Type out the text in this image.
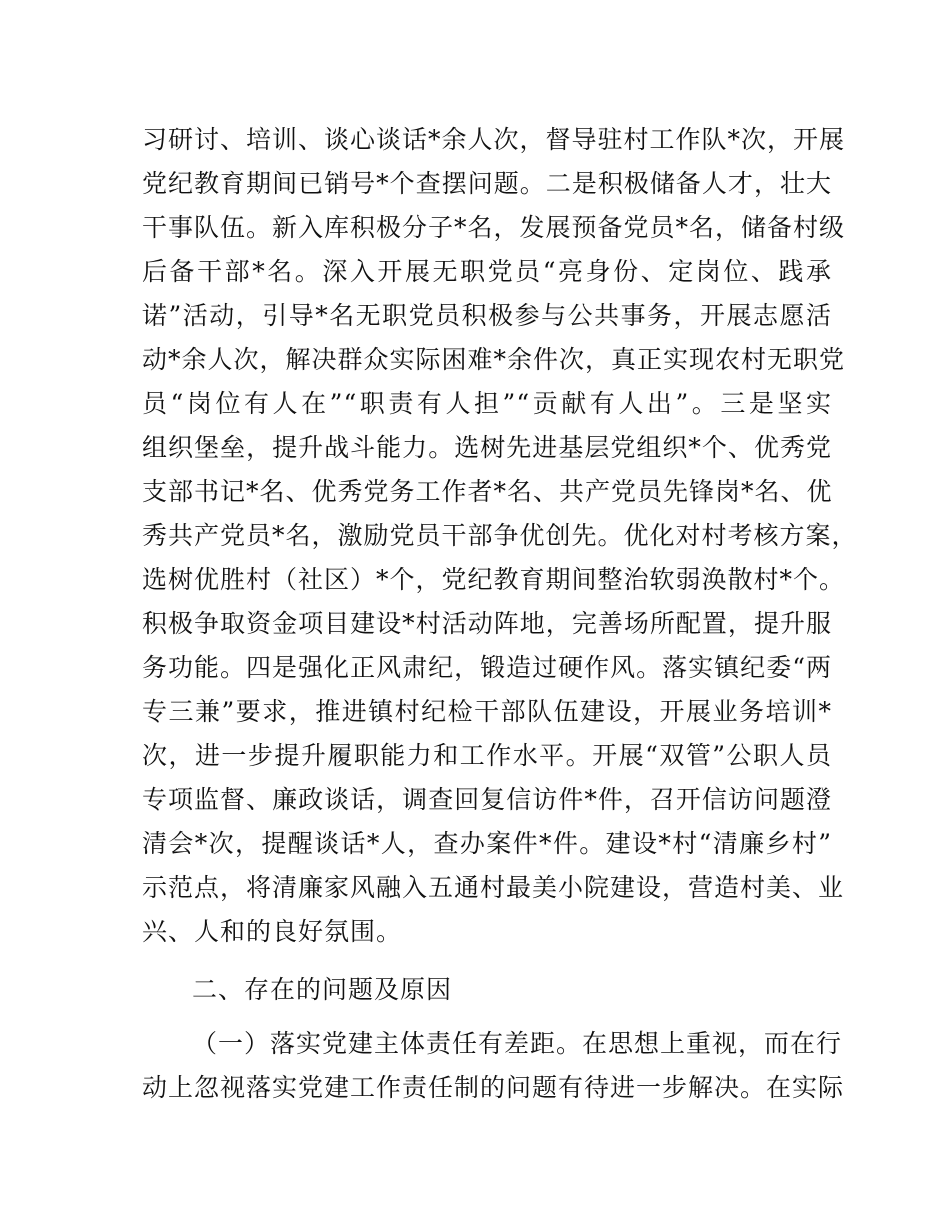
习研讨、培训、谈心谈话*余人次，督导驻村工作队*次，开展
党纪教育期间已销号*个查摆问题。二是积极储备人才，壮大
干事队伍。新入库积极分子*名，发展预备党员*名，储备村级
后备干部*名。深入开展无职党员“亮身份、定岗位、践承
诺”活动，引导*名无职党员积极参与公共事务，开展志愿活
动*余人次，解决群众实际困难*余件次，真正实现农村无职党
员“岗位有人在”“职责有人担”“贡献有人出”。三是坚实
组织堡垒，提升战斗能力。选树先进基层党组织*个、优秀党
支部书记*名、优秀党务工作者*名、共产党员先锋岗*名、优
秀共产党员*名，激励党员干部争优创先。优化对村考核方案，
选树优胜村（社区）*个，党纪教育期间整治软弱涣散村*个。
积极争取资金项目建设*村活动阵地，完善场所配置，提升服
务功能。四是强化正风肃纪，锻造过硬作风。落实镇纪委“两
专三兼”要求，推进镇村纪检干部队伍建设，开展业务培训*
次，进一步提升履职能力和工作水平。开展“双管”公职人员
专项监督、廉政谈话，调查回复信访件*件，召开信访问题澄
清会*次，提醒谈话*人，查办案件*件。建设*村“清廉乡村”
示范点，将清廉家风融入五通村最美小院建设，营造村美、业
兴、人和的良好氛围。
二、存在的问题及原因
（一）落实党建主体责任有差距。在思想上重视，而在行
动上忽视落实党建工作责任制的问题有待进一步解决。在实际
